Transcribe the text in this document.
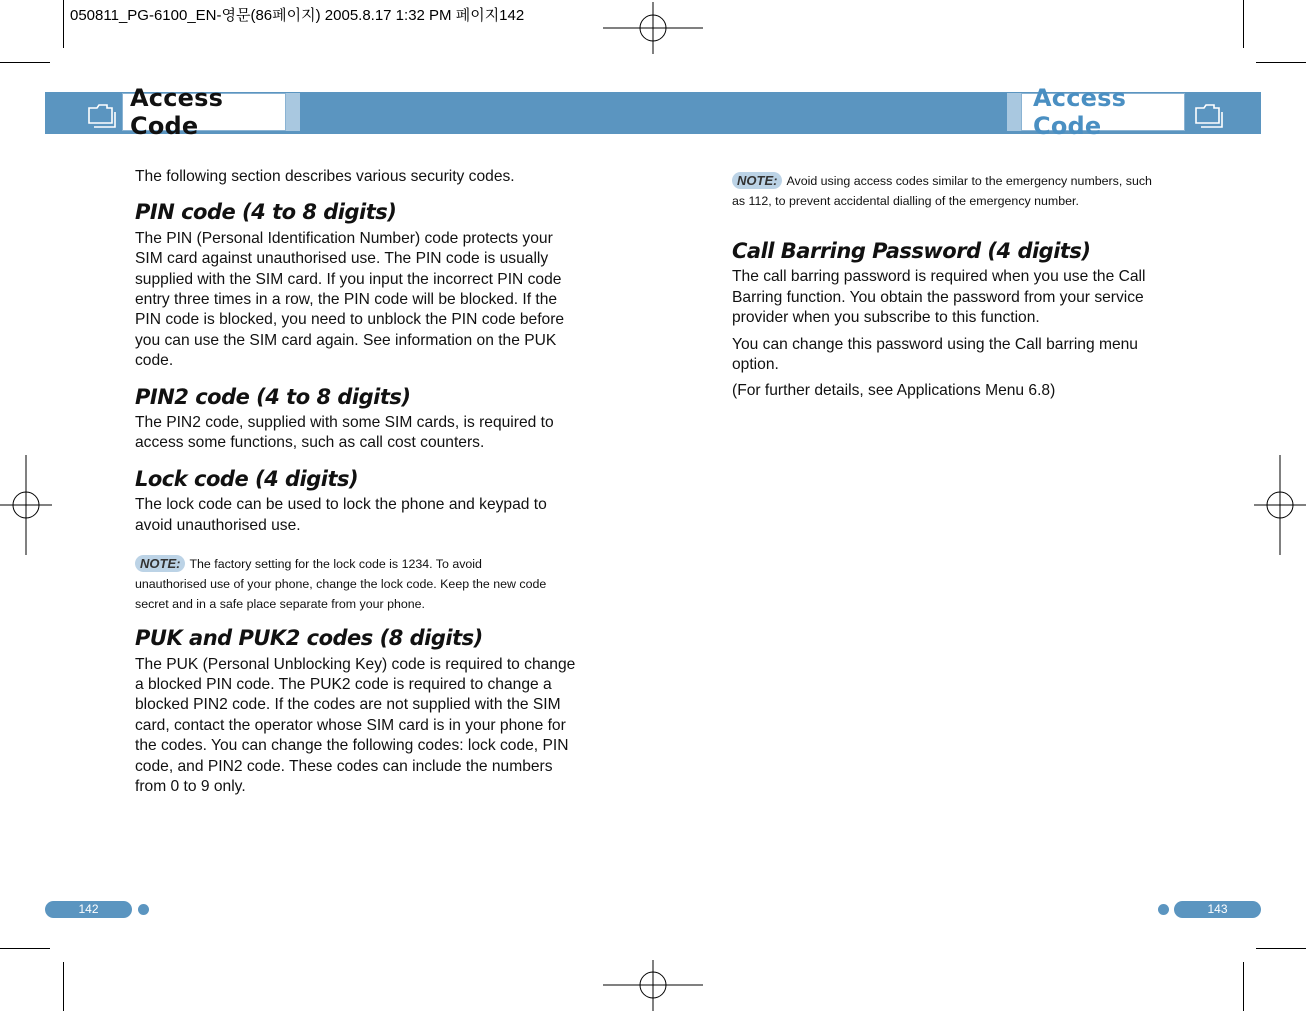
050811_PG-6100_EN-영문(86페이지) 2005.8.17 1:32 PM 페이지142
Access Code
Access Code

The following section describes various security codes.

PIN code (4 to 8 digits)

The PIN (Personal Identification Number) code protects your SIM card against unauthorised use. The PIN code is usually supplied with the SIM card. If you input the incorrect PIN code entry three times in a row, the PIN code will be blocked. If the PIN code is blocked, you need to unblock the PIN code before you can use the SIM card again. See information on the PUK code.

PIN2 code (4 to 8 digits)

The PIN2 code, supplied with some SIM cards, is required to access some functions, such as call cost counters.

Lock code (4 digits)

The lock code can be used to lock the phone and keypad to avoid unauthorised use.

NOTE: The factory setting for the lock code is 1234. To avoid unauthorised use of your phone, change the lock code. Keep the new code secret and in a safe place separate from your phone.
PUK and PUK2 codes (8 digits)

The PUK (Personal Unblocking Key) code is required to change a blocked PIN code. The PUK2 code is required to change a blocked PIN2 code. If the codes are not supplied with the SIM card, contact the operator whose SIM card is in your phone for the codes. You can change the following codes: lock code, PIN code, and PIN2 code. These codes can include the numbers from 0 to 9 only.

NOTE: Avoid using access codes similar to the emergency numbers, such as 112, to prevent accidental dialling of the emergency number.
Call Barring Password (4 digits)

The call barring password is required when you use the Call Barring function. You obtain the password from your service provider when you subscribe to this function.

You can change this password using the Call barring menu option.

(For further details, see Applications Menu 6.8)

142	143
